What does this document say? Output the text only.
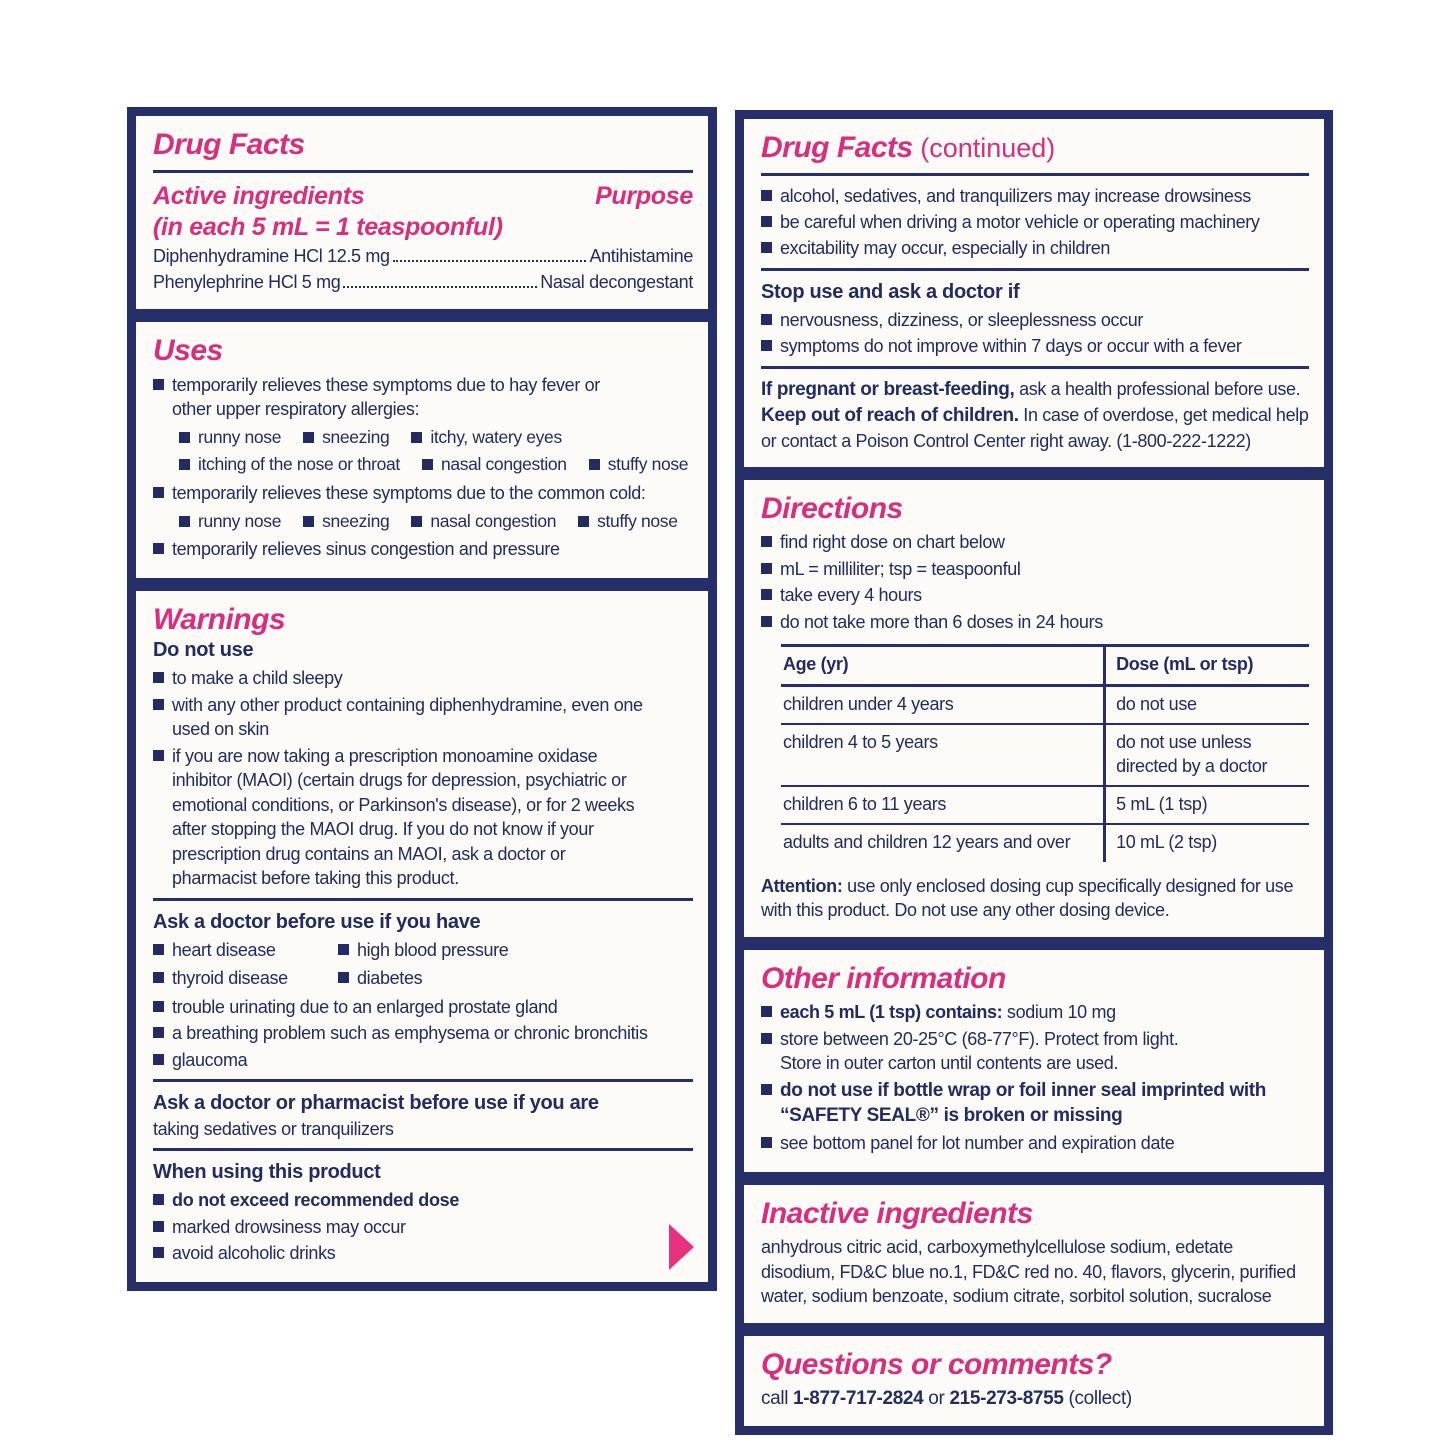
Drug Facts
Active ingredients	Purpose
(in each 5 mL = 1 teaspoonful)
Diphenhydramine HCl 12.5 mg	Antihistamine
Phenylephrine HCl 5 mg	Nasal decongestant
Uses
temporarily relieves these symptoms due to hay fever or
other upper respiratory allergies:
runny nose sneezing itchy, watery eyes
itching of the nose or throat nasal congestion stuffy nose
temporarily relieves these symptoms due to the common cold:
runny nose sneezing nasal congestion stuffy nose
temporarily relieves sinus congestion and pressure
Warnings
Do not use
to make a child sleepy
with any other product containing diphenhydramine, even one
used on skin
if you are now taking a prescription monoamine oxidase
inhibitor (MAOI) (certain drugs for depression, psychiatric or
emotional conditions, or Parkinson's disease), or for 2 weeks
after stopping the MAOI drug. If you do not know if your
prescription drug contains an MAOI, ask a doctor or
pharmacist before taking this product.
Ask a doctor before use if you have
heart disease	high blood pressure
thyroid disease	diabetes
trouble urinating due to an enlarged prostate gland
a breathing problem such as emphysema or chronic bronchitis
glaucoma
Ask a doctor or pharmacist before use if you are
taking sedatives or tranquilizers
When using this product
do not exceed recommended dose
marked drowsiness may occur
avoid alcoholic drinks
Drug Facts (continued)
alcohol, sedatives, and tranquilizers may increase drowsiness
be careful when driving a motor vehicle or operating machinery
excitability may occur, especially in children
Stop use and ask a doctor if
nervousness, dizziness, or sleeplessness occur
symptoms do not improve within 7 days or occur with a fever
If pregnant or breast-feeding, ask a health professional before use.
Keep out of reach of children. In case of overdose, get medical help or contact a Poison Control Center right away. (1-800-222-1222)
Directions
find right dose on chart below
mL = milliliter; tsp = teaspoonful
take every 4 hours
do not take more than 6 doses in 24 hours
Age (yr)	Dose (mL or tsp)
children under 4 years	do not use
children 4 to 5 years	do not use unless directed by a doctor
children 6 to 11 years	5 mL (1 tsp)
adults and children 12 years and over	10 mL (2 tsp)
Attention: use only enclosed dosing cup specifically designed for use with this product. Do not use any other dosing device.
Other information
each 5 mL (1 tsp) contains: sodium 10 mg
store between 20-25°C (68-77°F). Protect from light.
Store in outer carton until contents are used.
do not use if bottle wrap or foil inner seal imprinted with
“SAFETY SEAL®” is broken or missing
see bottom panel for lot number and expiration date
Inactive ingredients
anhydrous citric acid, carboxymethylcellulose sodium, edetate disodium, FD&C blue no.1, FD&C red no. 40, flavors, glycerin, purified water, sodium benzoate, sodium citrate, sorbitol solution, sucralose
Questions or comments?
call 1-877-717-2824 or 215-273-8755 (collect)
